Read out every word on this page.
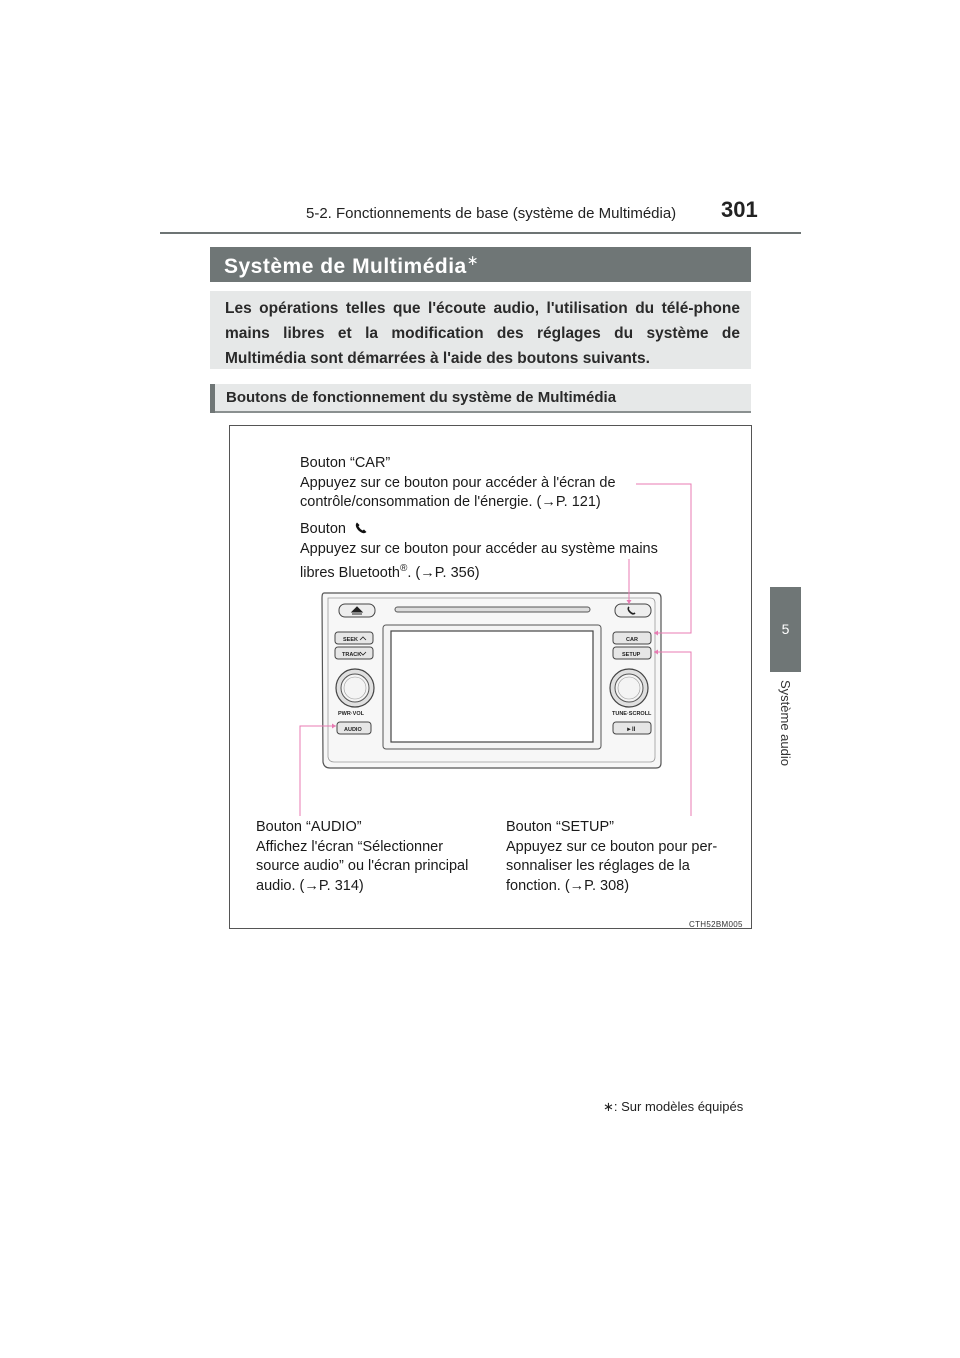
5-2. Fonctionnements de base (système de Multimédia) 301
5
Système audio
Système de Multimédia∗
Les opérations telles que l'écoute audio, l'utilisation du télé-phone mains libres et la modification des réglages du système de Multimédia sont démarrées à l'aide des boutons suivants.
Boutons de fonctionnement du système de Multimédia
SEEK
TRACK
PWR·VOL
AUDIO
CAR
SETUP
TUNE·SCROLL
►II

Bouton “CAR”

Appuyez sur ce bouton pour accéder à l'écran de

contrôle/consommation de l'énergie. (→P. 121)

Bouton

Appuyez sur ce bouton pour accéder au système mains

libres Bluetooth®. (→P. 356)

Bouton “AUDIO”

Affichez l'écran “Sélectionner

source audio” ou l'écran principal

audio. (→P. 314)

Bouton “SETUP”

Appuyez sur ce bouton pour per-

sonnaliser les réglages de la

fonction. (→P. 308)

CTH52BM005
∗: Sur modèles équipés
